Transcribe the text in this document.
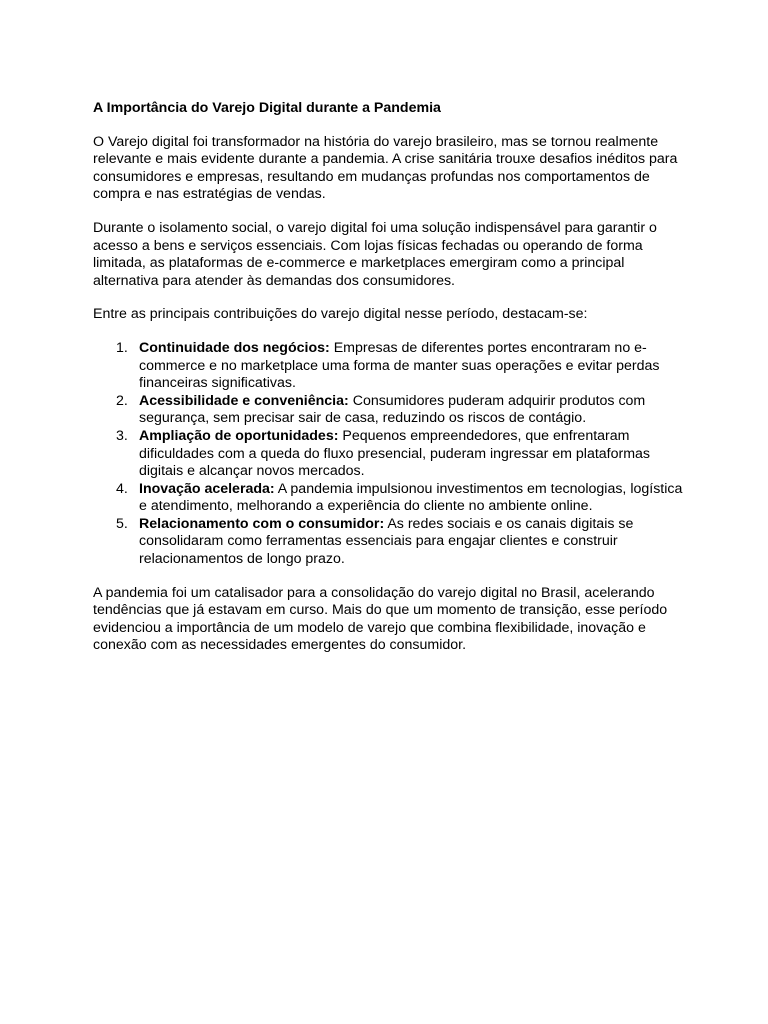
A Importância do Varejo Digital durante a Pandemia

O Varejo digital foi transformador na história do varejo brasileiro, mas se tornou realmente relevante e mais evidente durante a pandemia. A crise sanitária trouxe desafios inéditos para consumidores e empresas, resultando em mudanças profundas nos comportamentos de compra e nas estratégias de vendas.

Durante o isolamento social, o varejo digital foi uma solução indispensável para garantir o acesso a bens e serviços essenciais. Com lojas físicas fechadas ou operando de forma limitada, as plataformas de e-commerce e marketplaces emergiram como a principal alternativa para atender às demandas dos consumidores.

Entre as principais contribuições do varejo digital nesse período, destacam-se:

1. Continuidade dos negócios: Empresas de diferentes portes encontraram no e-commerce e no marketplace uma forma de manter suas operações e evitar perdas financeiras significativas.
2. Acessibilidade e conveniência: Consumidores puderam adquirir produtos com segurança, sem precisar sair de casa, reduzindo os riscos de contágio.
3. Ampliação de oportunidades: Pequenos empreendedores, que enfrentaram dificuldades com a queda do fluxo presencial, puderam ingressar em plataformas digitais e alcançar novos mercados.
4. Inovação acelerada: A pandemia impulsionou investimentos em tecnologias, logística e atendimento, melhorando a experiência do cliente no ambiente online.
5. Relacionamento com o consumidor: As redes sociais e os canais digitais se consolidaram como ferramentas essenciais para engajar clientes e construir relacionamentos de longo prazo.

A pandemia foi um catalisador para a consolidação do varejo digital no Brasil, acelerando tendências que já estavam em curso. Mais do que um momento de transição, esse período evidenciou a importância de um modelo de varejo que combina flexibilidade, inovação e conexão com as necessidades emergentes do consumidor.
